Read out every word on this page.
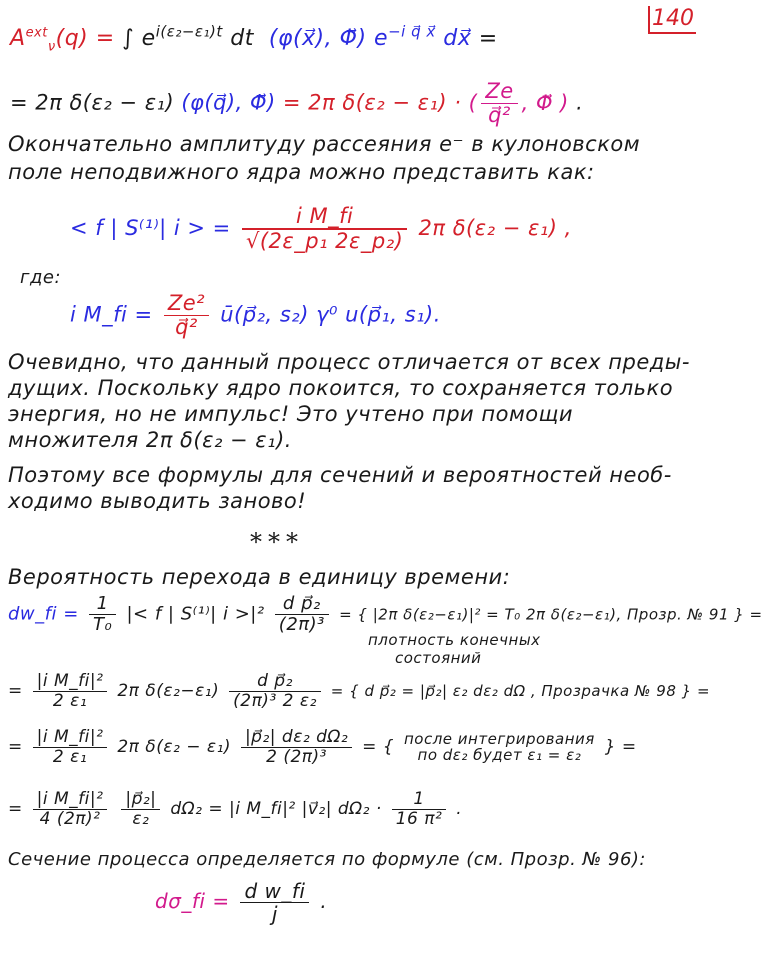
140
$A^{ext}_\nu(q)$ = ∫ $e^{i(\varepsilon_2-\varepsilon_1)t}$ dt (φ(x⃗), Φ⃗) $e^{-i q⃗ x⃗}$ dx⃗ =
= 2π δ(ε₂ − ε₁) (φ(q⃗), Φ⃗) = 2π δ(ε₂ − ε₁) · ( $\frac{Ze}{\text{q⃗²}}$ , Φ⃗ ) .
Окончательно амплитуду рассеяния e⁻ в кулоновском
поле неподвижного ядра можно представить как:
< f | S⁽¹⁾| i > = $\frac{\text{i M\_fi}}{\text{√(2ε\_p₁ 2ε\_p₂)}} 2\pi$ δ(ε₂ − ε₁) ,
где:
i M_fi = $\frac{\text{Ze²}}{\text{q⃗²}}$ ū(p⃗₂, s₂) γ⁰ u(p⃗₁, s₁).
Очевидно, что данный процесс отличается от всех преды-
дущих. Поскольку ядро покоится, то сохраняется только
энергия, но не импульс! Это учтено при помощи
множителя 2π δ(ε₂ − ε₁).
Поэтому все формулы для сечений и вероятностей необ-
ходимо выводить заново!
***
Вероятность перехода в единицу времени:
dw_fi = $\frac{1}{\text{T₀}}$ |< f | S⁽¹⁾| $i >|^2 \frac{\text{d p⃗₂}}{\text{(2π)³}}$ = { |2π δ(ε₂−ε₁)|² = T₀ 2π δ(ε₂−ε₁), Прозр. № 91 } =
плотность конечных
состояний
= $\frac{\text{|i M\_fi|²}}{\text{2 ε₁}} 2\pi$ $\delta(\varepsilon_2-\varepsilon_1) \frac{\text{d p⃗₂}}{\text{(2π)³ 2 ε₂}}$ = { d p⃗₂ = |p⃗₂| ε₂ dε₂ dΩ , Прозрачка № 98 } =
= $\frac{\text{|i M\_fi|²}}{\text{2 ε₁}} 2\pi$ $\delta(\varepsilon_2 - \varepsilon_1) \frac{\text{|p⃗₂| dε₂ dΩ₂}}{\text{2 (2π)³}}$ = { после интегрирования
по dε₂ будет ε₁ = ε₂	} =
= $\frac{\text{|i M\_fi|²}}{\text{4 (2π)²}}$
$\frac{\text{|p⃗₂|}}{\text{ε₂}} d\Omega_2 = |i$ M_fi|² |v⃗₂| $d\Omega_2 \cdot \frac{1}{\text{16 π²}}$ .
Сечение процесса определяется по формуле (см. Прозр. № 96):
dσ_fi = $\frac{\text{d w\_fi}}{j}$ .
